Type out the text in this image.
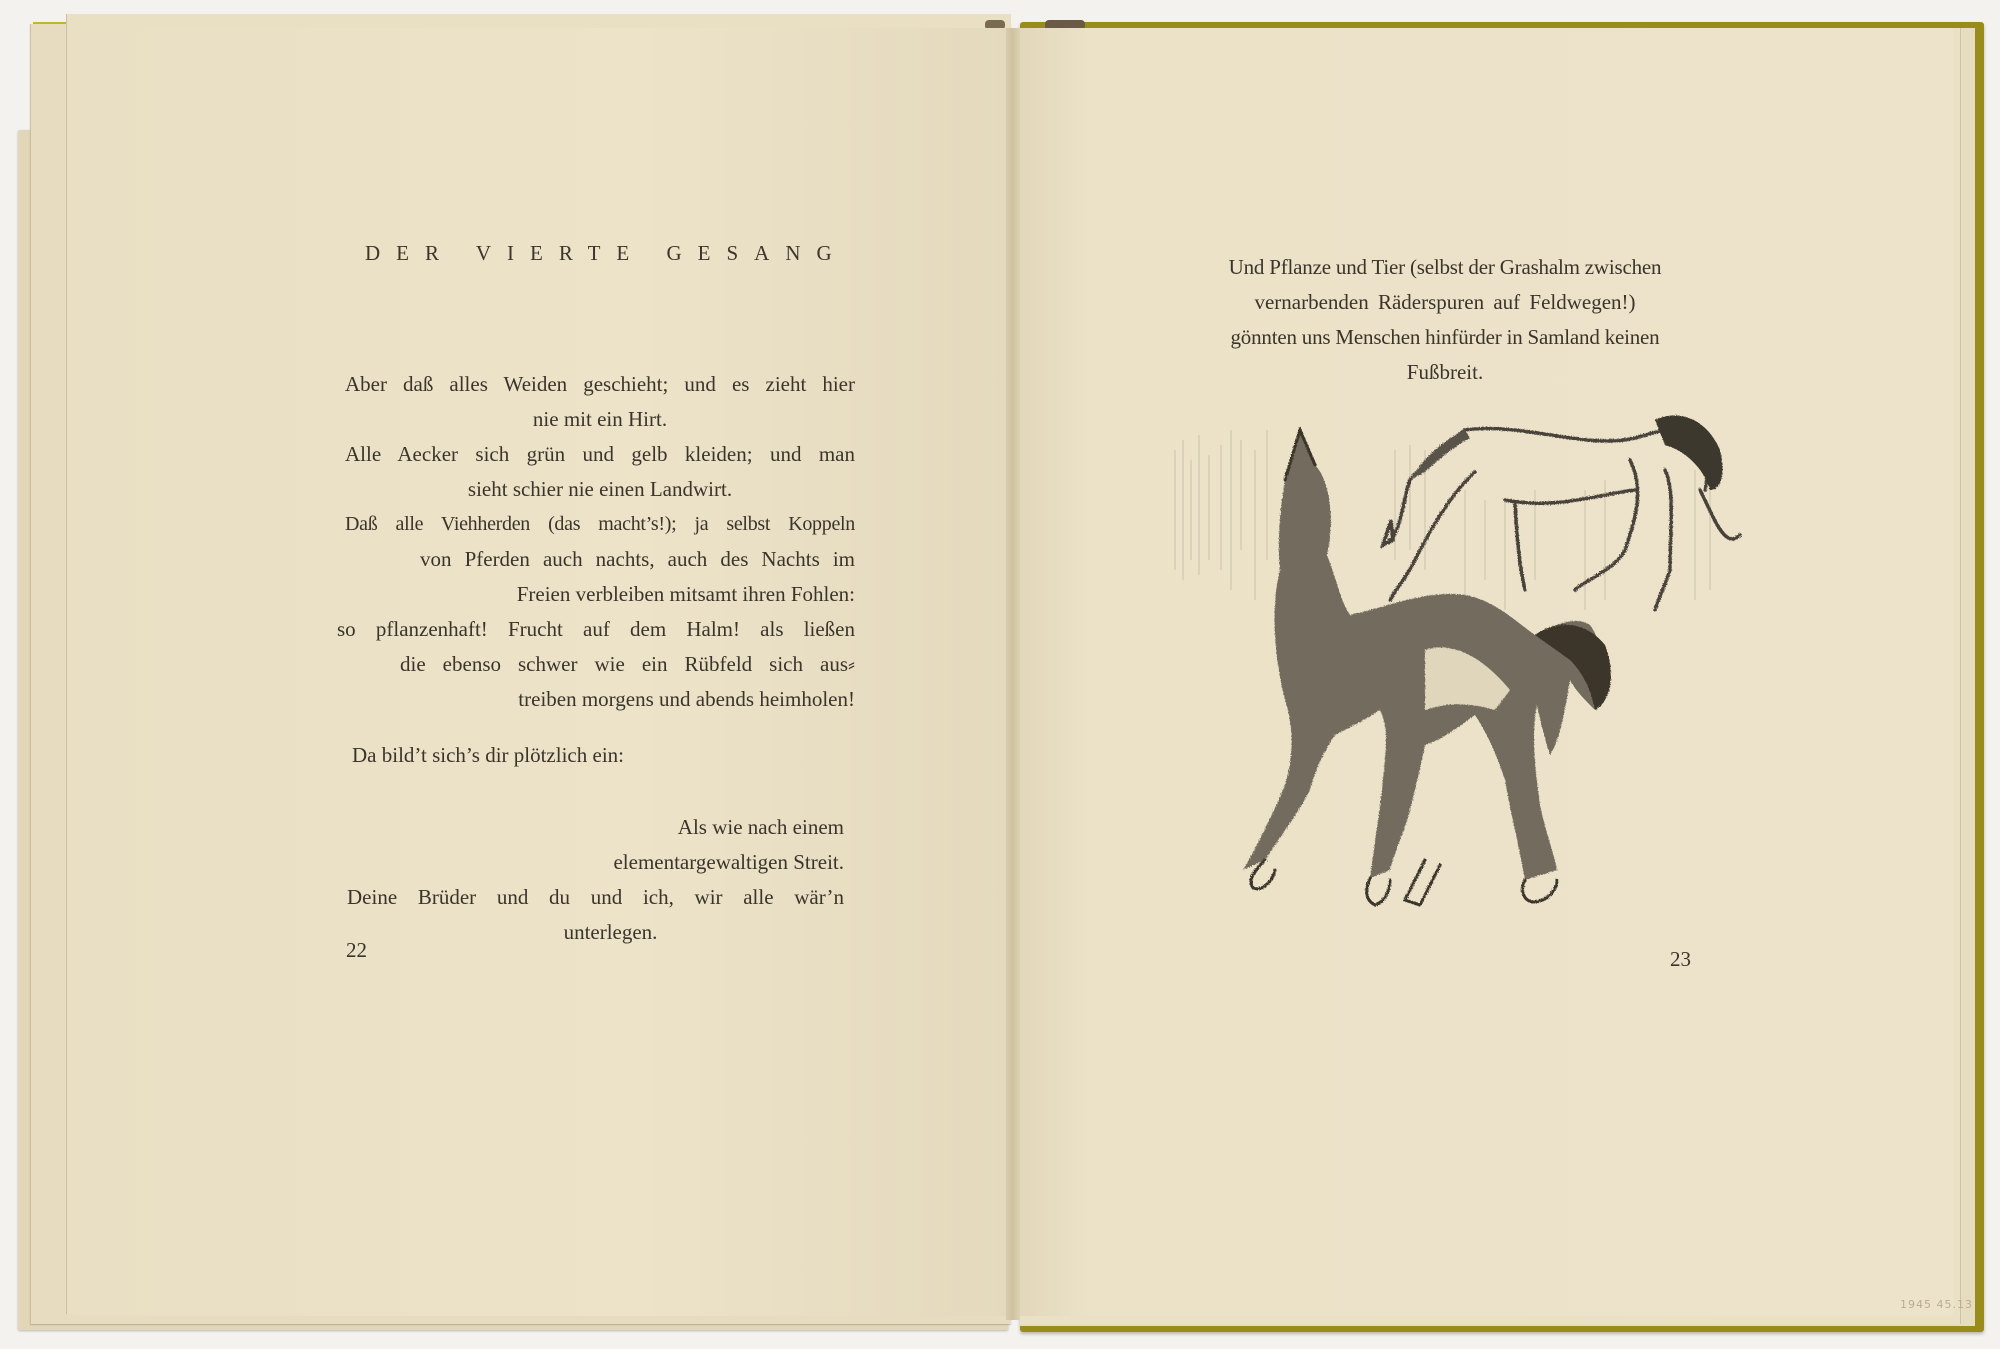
DER VIERTE GESANG
Aber daß alles Weiden geschieht; und es zieht hier
nie mit ein Hirt.
Alle Aecker sich grün und gelb kleiden; und man
sieht schier nie einen Landwirt.
Daß alle Viehherden (das macht’s!); ja selbst Koppeln
von Pferden auch nachts, auch des Nachts im
Freien verbleiben mitsamt ihren Fohlen:
so pflanzenhaft! Frucht auf dem Halm! als ließen
die ebenso schwer wie ein Rübfeld sich aus⸗
treiben morgens und abends heimholen!
Da bild’t sich’s dir plötzlich ein:
Als wie nach einem
elementargewaltigen Streit.
Deine Brüder und du und ich, wir alle wär’n
unterlegen.
22
Und Pflanze und Tier (selbst der Grashalm zwischen
vernarbenden Räderspuren auf Feldwegen!)
gönnten uns Menschen hinfürder in Samland keinen
Fußbreit.
23
1945 45.13
